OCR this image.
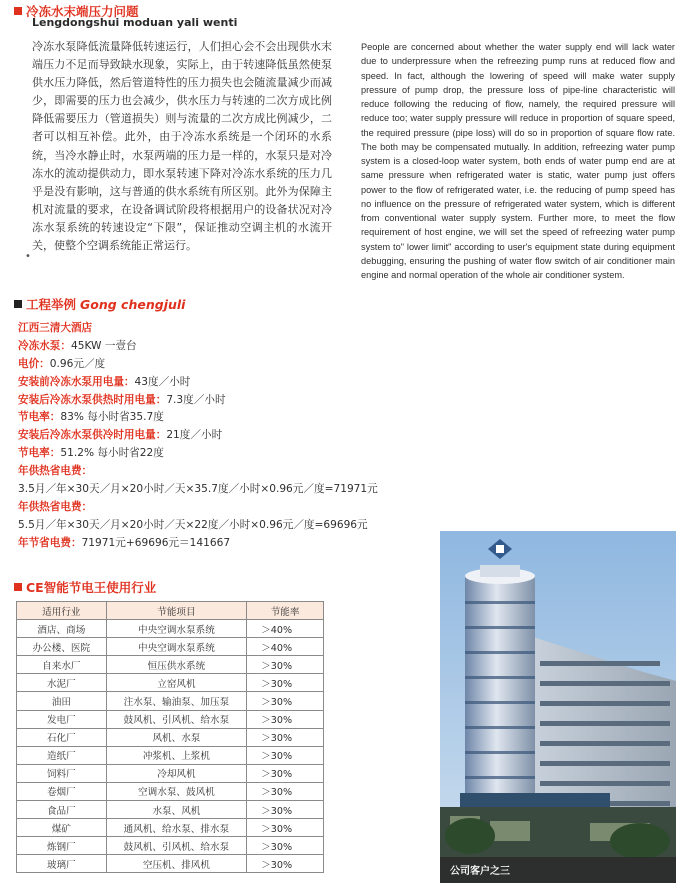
冷冻水末端压力问题
Lengdongshui moduan yali wenti
冷冻水泵降低流量降低转速运行，人们担心会不会出现供水末端压力不足而导致缺水现象，实际上，由于转速降低虽然使泵供水压力降低，然后管道特性的压力损失也会随流量减少而减少，即需要的压力也会减少，供水压力与转速的二次方成比例降低需要压力（管道损失）则与流量的二次方成比例减少，二者可以相互补偿。此外，由于冷冻水系统是一个闭环的水系统，当冷水静止时，水泵两端的压力是一样的，水泵只是对冷冻水的流动提供动力，即水泵转速下降对冷冻水系统的压力几乎是没有影响，这与普通的供水系统有所区别。此外为保障主机对流量的要求，在设备调试阶段将根据用户的设备状况对冷冻水泵系统的转速设定“下限”，保证推动空调主机的水流开关，使整个空调系统能正常运行。
•
People are concerned about whether the water supply end will lack water due to underpressure when the refreezing pump runs at reduced flow and speed. In fact, although the lowering of speed will make water supply pressure of pump drop, the pressure loss of pipe-line characteristic will reduce following the reducing of flow, namely, the required pressure will reduce too; water supply pressure will reduce in proportion of square speed, the required pressure (pipe loss) will do so in proportion of square flow rate. The both may be compensated mutually. In addition, refreezing water pump system is a closed-loop water system, both ends of water pump end are at same pressure when refrigerated water is static, water pump just offers power to the flow of refrigerated water, i.e. the reducing of pump speed has no influence on the pressure of refrigerated water system, which is different from conventional water supply system. Further more, to meet the flow requirement of host engine, we will set the speed of refreezing water pump system to" lower limit" according to user's equipment state during equipment debugging, ensuring the pushing of water flow switch of air conditioner main engine and normal operation of the whole air conditioner system.
工程举例 Gong chengjuli
江西三清大酒店
冷冻水泵：45KW 一壹台
电价：0.96元／度
安装前冷冻水泵用电量：43度／小时
安装后冷冻水泵供热时用电量：7.3度／小时
节电率：83% 每小时省35.7度
安装后冷冻水泵供冷时用电量：21度／小时
节电率：51.2% 每小时省22度
年供热省电费：
3.5月／年×30天／月×20小时／天×35.7度／小时×0.96元／度=71971元
年供热省电费：
5.5月／年×30天／月×20小时／天×22度／小时×0.96元／度=69696元
年节省电费：71971元+69696元＝141667
CE智能节电王使用行业
适用行业	节能项目	节能率
酒店、商场	中央空调水泵系统	＞40%
办公楼、医院	中央空调水泵系统	＞40%
自来水厂	恒压供水系统	＞30%
水泥厂	立窑风机	＞30%
油田	注水泵、输油泵、加压泵	＞30%
发电厂	鼓风机、引风机、给水泵	＞30%
石化厂	风机、水泵	＞30%
造纸厂	冲浆机、上浆机	＞30%
饲料厂	冷却风机	＞30%
卷烟厂	空调水泵、鼓风机	＞30%
食品厂	水泵、风机	＞30%
煤矿	通风机、给水泵、排水泵	＞30%
炼钢厂	鼓风机、引风机、给水泵	＞30%
玻璃厂	空压机、排风机	＞30%
公司客户之三
